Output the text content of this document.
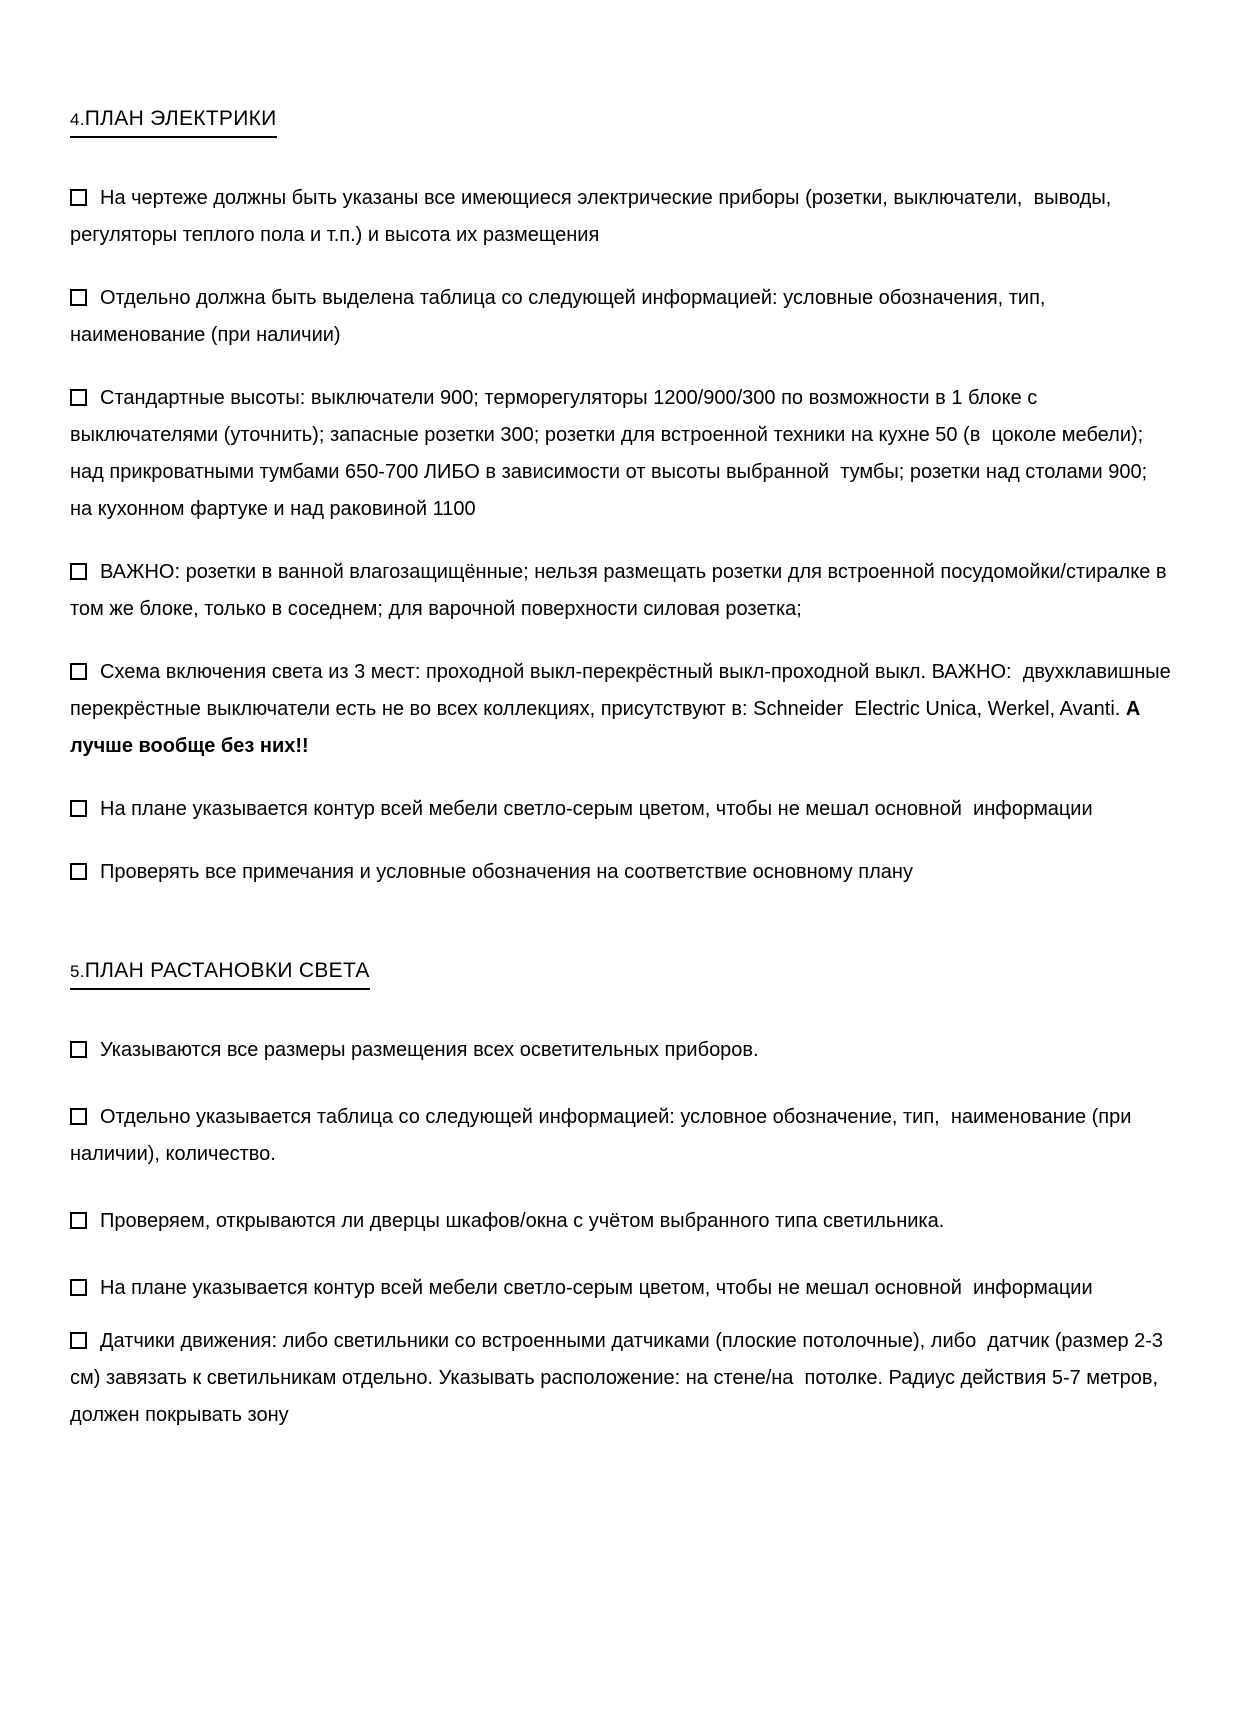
4.ПЛАН ЭЛЕКТРИКИ

На чертеже должны быть указаны все имеющиеся электрические приборы (розетки, выключатели,  выводы, регуляторы теплого пола и т.п.) и высота их размещения

Отдельно должна быть выделена таблица со следующей информацией: условные обозначения, тип,  наименование (при наличии)

Стандартные высоты: выключатели 900; терморегуляторы 1200/900/300 по возможности в 1 блоке с  выключателями (уточнить); запасные розетки 300; розетки для встроенной техники на кухне 50 (в  цоколе мебели); над прикроватными тумбами 650-700 ЛИБО в зависимости от высоты выбранной  тумбы; розетки над столами 900; на кухонном фартуке и над раковиной 1100

ВАЖНО: розетки в ванной влагозащищённые; нельзя размещать розетки для встроенной посудомойки/стиралке в том же блоке, только в соседнем; для варочной поверхности силовая розетка;

Схема включения света из 3 мест: проходной выкл-перекрёстный выкл-проходной выкл. ВАЖНО:  двухклавишные перекрёстные выключатели есть не во всех коллекциях, присутствуют в: Schneider  Electric Unica, Werkel, Avanti. А лучше вообще без них!!

На плане указывается контур всей мебели светло-серым цветом, чтобы не мешал основной  информации

Проверять все примечания и условные обозначения на соответствие основному плану

5.ПЛАН РАСТАНОВКИ СВЕТА

Указываются все размеры размещения всех осветительных приборов.

Отдельно указывается таблица со следующей информацией: условное обозначение, тип,  наименование (при наличии), количество.

Проверяем, открываются ли дверцы шкафов/окна с учётом выбранного типа светильника.

На плане указывается контур всей мебели светло-серым цветом, чтобы не мешал основной  информации

Датчики движения: либо светильники со встроенными датчиками (плоские потолочные), либо  датчик (размер 2-3 см) завязать к светильникам отдельно. Указывать расположение: на стене/на  потолке. Радиус действия 5-7 метров, должен покрывать зону
